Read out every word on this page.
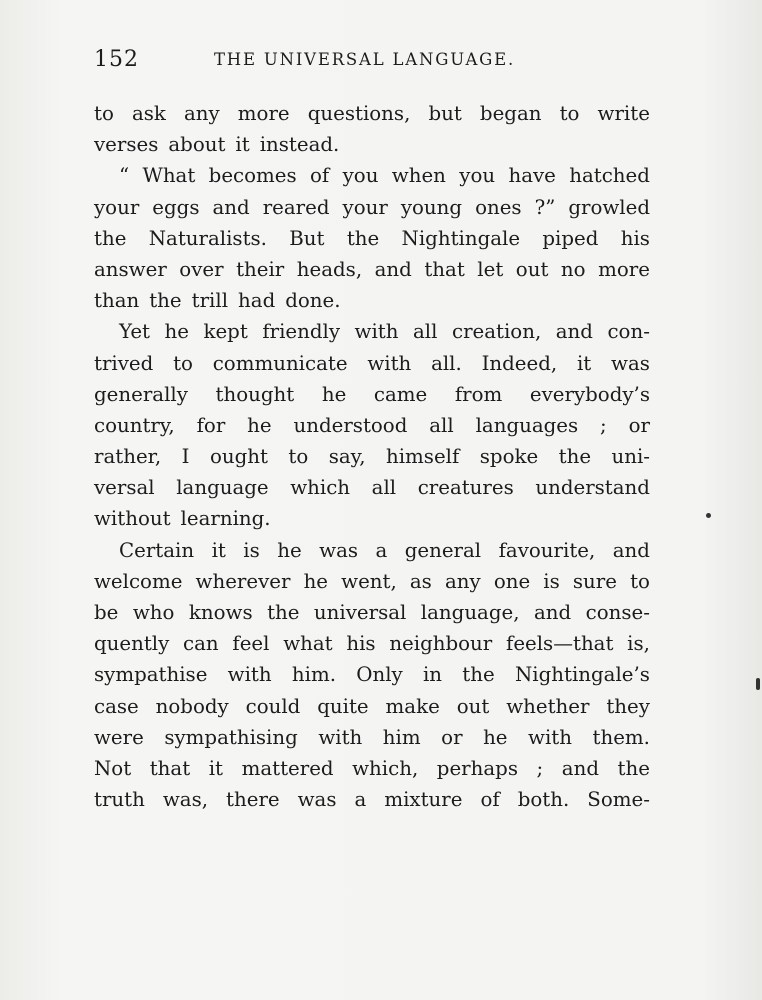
152	THE UNIVERSAL LANGUAGE.
to ask any more questions, but began to write
verses about it instead.
“ What becomes of you when you have hatched
your eggs and reared your young ones ?” growled
the Naturalists. But the Nightingale piped his
answer over their heads, and that let out no more
than the trill had done.
Yet he kept friendly with all creation, and con-
trived to communicate with all. Indeed, it was
generally thought he came from everybody’s
country, for he understood all languages ; or
rather, I ought to say, himself spoke the uni-
versal language which all creatures understand
without learning.
Certain it is he was a general favourite, and
welcome wherever he went, as any one is sure to
be who knows the universal language, and conse-
quently can feel what his neighbour feels—that is,
sympathise with him. Only in the Nightingale’s
case nobody could quite make out whether they
were sympathising with him or he with them.
Not that it mattered which, perhaps ; and the
truth was, there was a mixture of both. Some-
